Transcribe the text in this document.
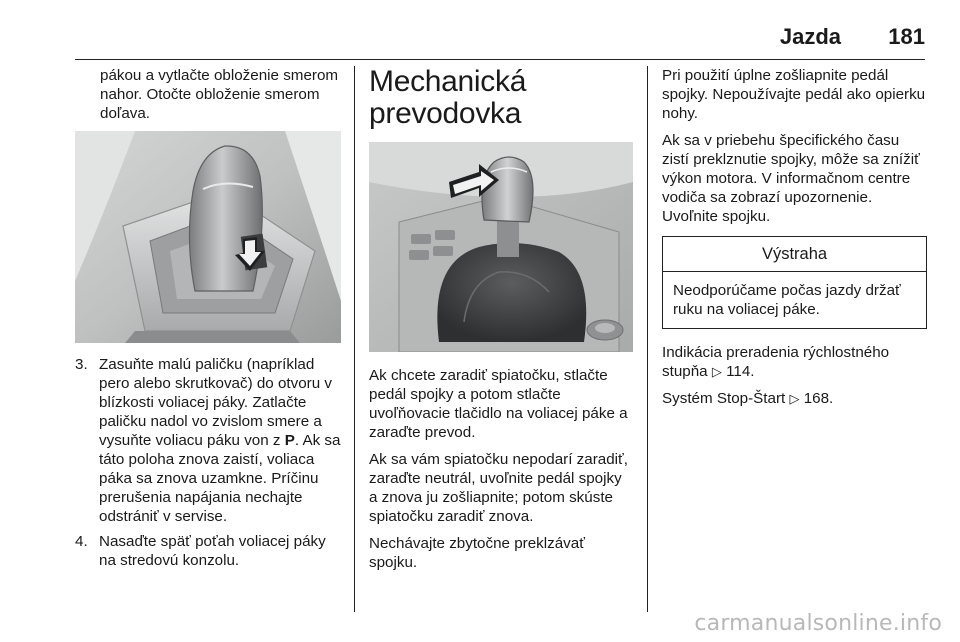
Jazda 181

pákou a vytlačte obloženie smerom nahor. Otočte obloženie smerom doľava.

3. Zasuňte malú paličku (napríklad pero alebo skrutkovač) do otvoru v blízkosti voliacej páky. Zatlačte paličku nadol vo zvislom smere a vysuňte voliacu páku von z P. Ak sa táto poloha znova zaistí, voliaca páka sa znova uzamkne. Príčinu prerušenia napájania nechajte odstrániť v servise.
4. Nasaďte späť poťah voliacej páky na stredovú konzolu.
Mechanická
prevodovka

Ak chcete zaradiť spiatočku, stlačte pedál spojky a potom stlačte uvoľňovacie tlačidlo na voliacej páke a zaraďte prevod.

Ak sa vám spiatočku nepodarí zaradiť, zaraďte neutrál, uvoľnite pedál spojky a znova ju zošliapnite; potom skúste spiatočku zaradiť znova.

Nechávajte zbytočne preklzávať spojku.

Pri použití úplne zošliapnite pedál spojky. Nepoužívajte pedál ako opierku nohy.

Ak sa v priebehu špecifického času zistí preklznutie spojky, môže sa znížiť výkon motora. V informačnom centre vodiča sa zobrazí upozornenie. Uvoľnite spojku.

Výstraha
Neodporúčame počas jazdy držať ruku na voliacej páke.

Indikácia preradenia rýchlostného stupňa ▷ 114.

Systém Stop-Štart ▷ 168.

carmanualsonline.info
